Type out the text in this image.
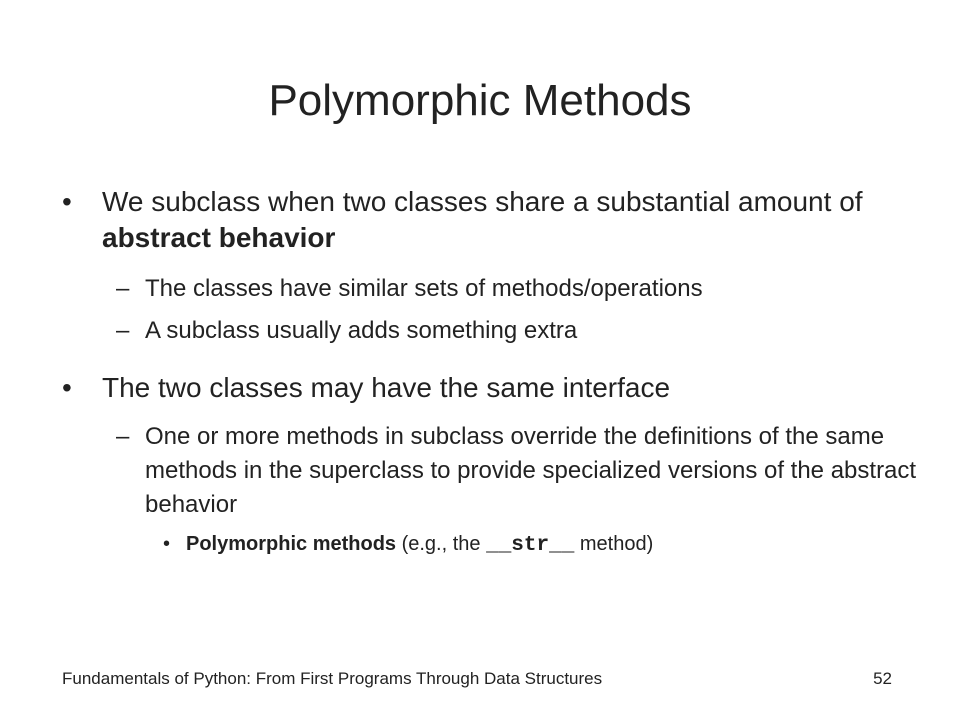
Polymorphic Methods
•	We subclass when two classes share a substantial amount of abstract behavior
– The classes have similar sets of methods/operations
– A subclass usually adds something extra
•	The two classes may have the same interface
– One or more methods in subclass override the definitions of the same methods in the superclass to provide specialized versions of the abstract behavior
• Polymorphic methods (e.g., the __str__ method)
Fundamentals of Python: From First Programs Through Data Structures	52
